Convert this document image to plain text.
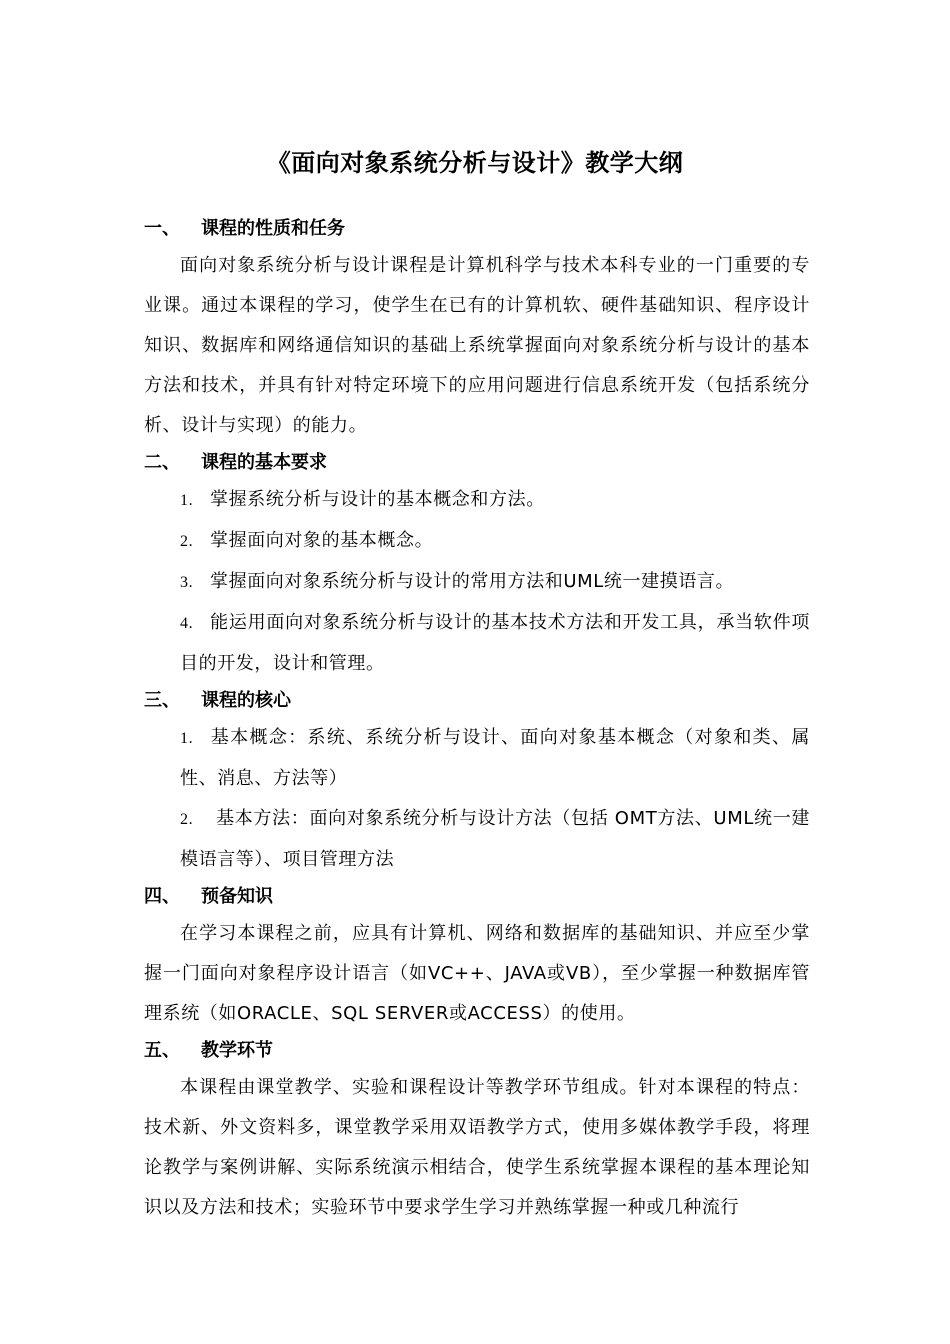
《面向对象系统分析与设计》教学大纲
一、	课程的性质和任务

面向对象系统分析与设计课程是计算机科学与技术本科专业的一门重要的专业课。通过本课程的学习，使学生在已有的计算机软、硬件基础知识、程序设计知识、数据库和网络通信知识的基础上系统掌握面向对象系统分析与设计的基本方法和技术，并具有针对特定环境下的应用问题进行信息系统开发（包括系统分析、设计与实现）的能力。

二、	课程的基本要求

1. 掌握系统分析与设计的基本概念和方法。

2. 掌握面向对象的基本概念。

3. 掌握面向对象系统分析与设计的常用方法和UML统一建摸语言。

4. 能运用面向对象系统分析与设计的基本技术方法和开发工具，承当软件项目的开发，设计和管理。

三、	课程的核心

1. 基本概念：系统、系统分析与设计、面向对象基本概念（对象和类、属性、消息、方法等）

2. 基本方法：面向对象系统分析与设计方法（包括 OMT方法、UML统一建模语言等）、项目管理方法

四、	预备知识

在学习本课程之前，应具有计算机、网络和数据库的基础知识、并应至少掌握一门面向对象程序设计语言（如VC++、JAVA或VB），至少掌握一种数据库管理系统（如ORACLE、SQL SERVER或ACCESS）的使用。

五、	教学环节

本课程由课堂教学、实验和课程设计等教学环节组成。针对本课程的特点：技术新、外文资料多，课堂教学采用双语教学方式，使用多媒体教学手段，将理论教学与案例讲解、实际系统演示相结合，使学生系统掌握本课程的基本理论知识以及方法和技术；实验环节中要求学生学习并熟练掌握一种或几种流行
